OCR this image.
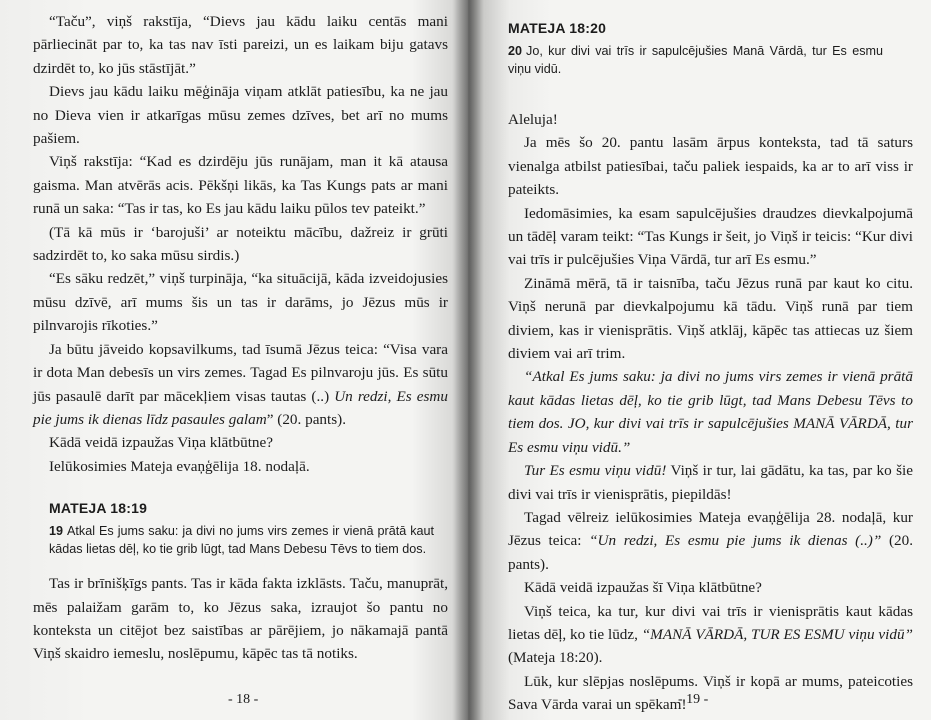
“Taču”, viņš rakstīja, “Dievs jau kādu laiku centās mani pārliecināt par to, ka tas nav īsti pareizi, un es laikam biju gatavs dzirdēt to, ko jūs stāstījāt.”

Dievs jau kādu laiku mēģināja viņam atklāt patiesību, ka ne jau no Dieva vien ir atkarīgas mūsu zemes dzīves, bet arī no mums pašiem.

Viņš rakstīja: “Kad es dzirdēju jūs runājam, man it kā atausa gaisma. Man atvērās acis. Pēkšņi likās, ka Tas Kungs pats ar mani runā un saka: “Tas ir tas, ko Es jau kādu laiku pūlos tev pateikt.”

(Tā kā mūs ir ‘barojuši’ ar noteiktu mācību, dažreiz ir grūti sadzirdēt to, ko saka mūsu sirdis.)

“Es sāku redzēt,” viņš turpināja, “ka situācijā, kāda izveidojusies mūsu dzīvē, arī mums šis un tas ir darāms, jo Jēzus mūs ir pilnvarojis rīkoties.”

Ja būtu jāveido kopsavilkums, tad īsumā Jēzus teica: “Visa vara ir dota Man debesīs un virs zemes. Tagad Es pilnvaroju jūs. Es sūtu jūs pasaulē darīt par mācekļiem visas tautas (..) Un redzi, Es esmu pie jums ik dienas līdz pasaules galam” (20. pants).

Kādā veidā izpaužas Viņa klātbūtne?

Ielūkosimies Mateja evaņģēlija 18. nodaļā.

MATEJA 18:19
19 Atkal Es jums saku: ja divi no jums virs zemes ir vienā prātā kaut kādas lietas dēļ, ko tie grib lūgt, tad Mans Debesu Tēvs to tiem dos.

Tas ir brīnišķīgs pants. Tas ir kāda fakta izklāsts. Taču, manuprāt, mēs palaižam garām to, ko Jēzus saka, izraujot šo pantu no konteksta un citējot bez saistības ar pārējiem, jo nākamajā pantā Viņš skaidro iemeslu, noslēpumu, kāpēc tas tā notiks.

- 18 -
MATEJA 18:20
20 Jo, kur divi vai trīs ir sapulcējušies Manā Vārdā, tur Es esmu viņu vidū.

Aleluja!

Ja mēs šo 20. pantu lasām ārpus konteksta, tad tā saturs vienalga atbilst patiesībai, taču paliek iespaids, ka ar to arī viss ir pateikts.

Iedomāsimies, ka esam sapulcējušies draudzes dievkalpojumā un tādēļ varam teikt: “Tas Kungs ir šeit, jo Viņš ir teicis: “Kur divi vai trīs ir pulcējušies Viņa Vārdā, tur arī Es esmu.”

Zināmā mērā, tā ir taisnība, taču Jēzus runā par kaut ko citu. Viņš nerunā par dievkalpojumu kā tādu. Viņš runā par tiem diviem, kas ir vienisprātis. Viņš atklāj, kāpēc tas attiecas uz šiem diviem vai arī trim.

“Atkal Es jums saku: ja divi no jums virs zemes ir vienā prātā kaut kādas lietas dēļ, ko tie grib lūgt, tad Mans Debesu Tēvs to tiem dos. JO, kur divi vai trīs ir sapulcējušies MANĀ VĀRDĀ, tur Es esmu viņu vidū.”

Tur Es esmu viņu vidū! Viņš ir tur, lai gādātu, ka tas, par ko šie divi vai trīs ir vienisprātis, piepildās!

Tagad vēlreiz ielūkosimies Mateja evaņģēlija 28. nodaļā, kur Jēzus teica: “Un redzi, Es esmu pie jums ik dienas (..)” (20. pants).

Kādā veidā izpaužas šī Viņa klātbūtne?

Viņš teica, ka tur, kur divi vai trīs ir vienisprātis kaut kādas lietas dēļ, ko tie lūdz, “MANĀ VĀRDĀ, TUR ES ESMU viņu vidū” (Mateja 18:20).

Lūk, kur slēpjas noslēpums. Viņš ir kopā ar mums, pateicoties Sava Vārda varai un spēkam!

- 19 -
